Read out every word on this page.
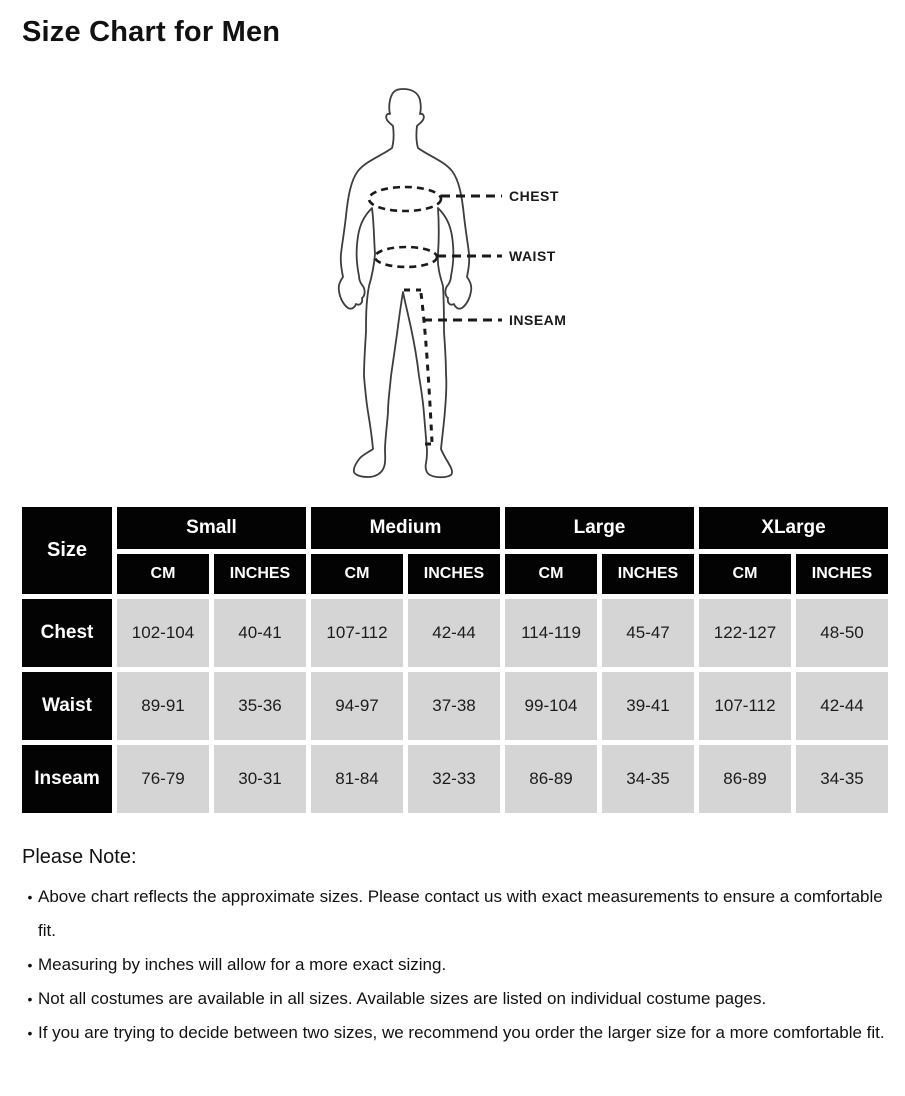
Size Chart for Men
CHEST
WAIST
INSEAM
Size	Small		Medium		Large		XLarge	
	CM	INCHES	CM	INCHES	CM	INCHES	CM	INCHES
Chest	102-104	40-41	107-112	42-44	114-119	45-47	122-127	48-50
Waist	89-91	35-36	94-97	37-38	99-104	39-41	107-112	42-44
Inseam	76-79	30-31	81-84	32-33	86-89	34-35	86-89	34-35
Please Note:
• Above chart reflects the approximate sizes. Please contact us with exact measurements to ensure a comfortable fit.
• Measuring by inches will allow for a more exact sizing.
• Not all costumes are available in all sizes. Available sizes are listed on individual costume pages.
• If you are trying to decide between two sizes, we recommend you order the larger size for a more comfortable fit.
